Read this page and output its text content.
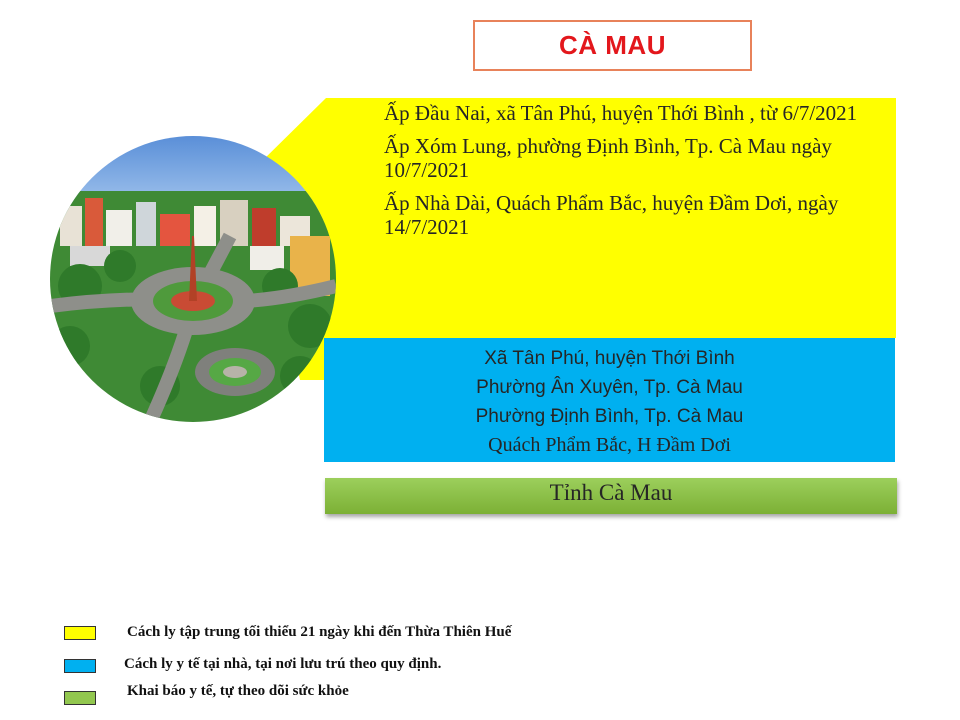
CÀ MAU

Ấp Đầu Nai, xã Tân Phú, huyện Thới Bình , từ 6/7/2021

Ấp Xóm Lung, phường Định Bình, Tp. Cà Mau ngày 10/7/2021

Ấp Nhà Dài, Quách Phẩm Bắc, huyện Đầm Dơi, ngày 14/7/2021

Xã Tân Phú, huyện Thới Bình
Phường Ân Xuyên, Tp. Cà Mau
Phường Định Bình, Tp. Cà Mau
Quách Phẩm Bắc, H Đầm Dơi
Tỉnh Cà Mau
Cách ly tập trung tối thiểu 21 ngày khi đến Thừa Thiên Huế
Cách ly y tế tại nhà, tại nơi lưu trú theo quy định.
Khai báo y tế, tự theo dõi sức khỏe
